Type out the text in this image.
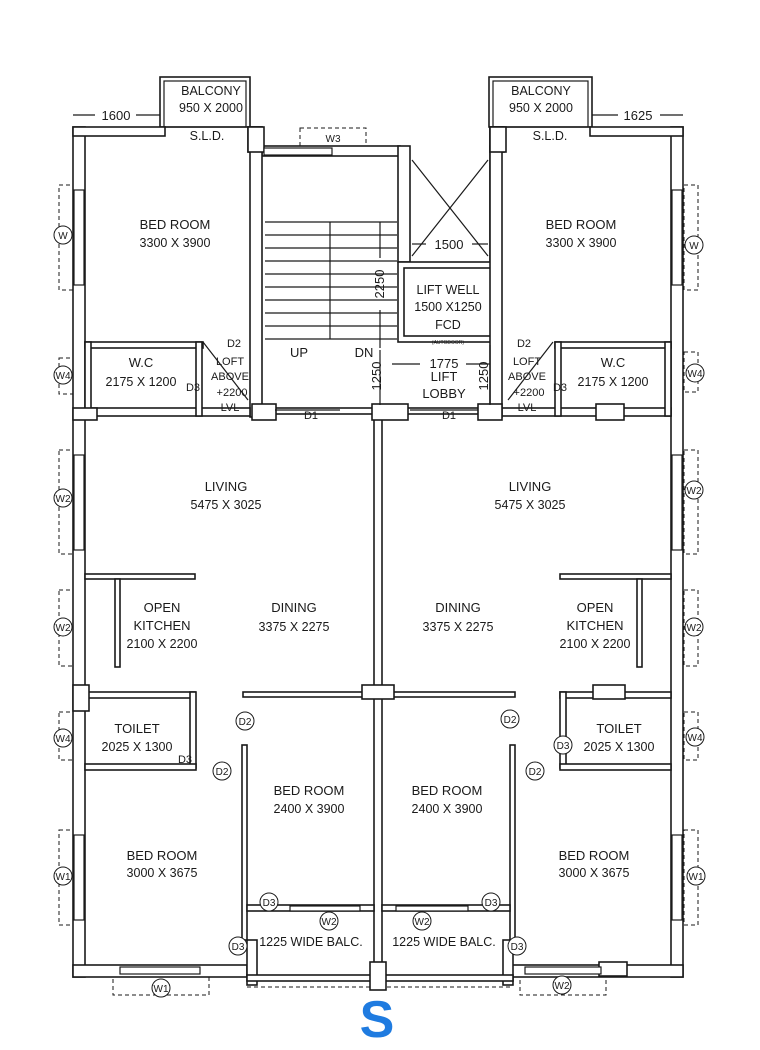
BALCONY
950 X 2000
BALCONY
950 X 2000
S.L.D.	S.L.D.
BED ROOM
3300 X 3900
BED ROOM
3300 X 3900
W.C
2175 X 1200
W.C
2175 X 1200
LOFT
ABOVE
+2200
LVL
LOFT
ABOVE
+2200
LVL
LIFT WELL
1500 X1250
FCD
(AUTODOOR)
LIFT
LOBBY
UP	DN
LIVING
5475 X 3025
LIVING
5475 X 3025
OPEN
KITCHEN
2100 X 2200
OPEN
KITCHEN
2100 X 2200
DINING
3375 X 2275
DINING
3375 X 2275
TOILET
2025 X 1300
TOILET
2025 X 1300
BED ROOM
2400 X 3900
BED ROOM
2400 X 3900
BED ROOM
3000 X 3675
BED ROOM
3000 X 3675
1225 WIDE BALC. 1225 WIDE BALC.
1600	1625
1500
2250
1775
1250	1250
W
W
W4	W4
W2
W2
W2	W2
W4	W4
W1	W1
W3
W1	W2
W2	W2
D2	D2
D3	D3
D1	D1
D3
D2
D2
D2
D2
D3
D3	D3
D3	D3
S
